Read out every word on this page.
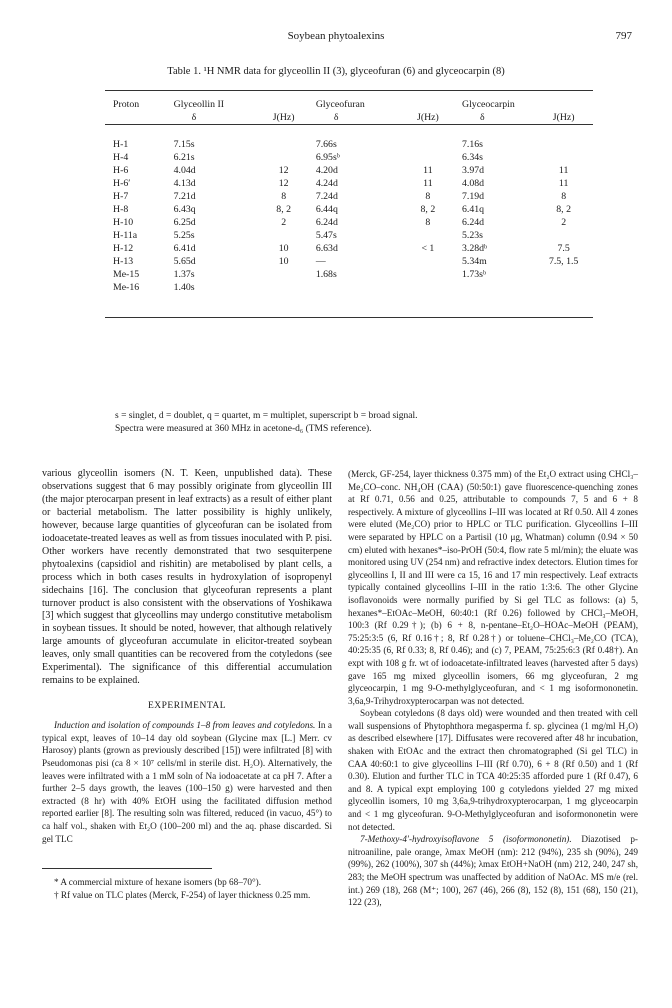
Soybean phytoalexins	797
Table 1. ¹H NMR data for glyceollin II (3), glyceofuran (6) and glyceocarpin (8)
Proton	Glyceollin II		Glyceofuran		Glyceocarpin	
	δ	J(Hz)	δ	J(Hz)	δ	J(Hz)

H-1	7.15s		7.66s		7.16s	
H-4	6.21s		6.95sᵇ		6.34s	
H-6	4.04d	12	4.20d	11	3.97d	11
H-6′	4.13d	12	4.24d	11	4.08d	11
H-7	7.21d	8	7.24d	8	7.19d	8
H-8	6.43q	8, 2	6.44q	8, 2	6.41q	8, 2
H-10	6.25d	2	6.24d	8	6.24d	2
H-11a	5.25s		5.47s		5.23s	
H-12	6.41d	10	6.63d	< 1	3.28dᵇ	7.5
H-13	5.65d	10	—		5.34m	7.5, 1.5
Me-15	1.37s		1.68s		1.73sᵇ	
Me-16	1.40s					
s = singlet, d = doublet, q = quartet, m = multiplet, superscript b = broad signal.
Spectra were measured at 360 MHz in acetone-d₆ (TMS reference).

various glyceollin isomers (N. T. Keen, unpublished data). These observations suggest that 6 may possibly originate from glyceollin III (the major pterocarpan present in leaf extracts) as a result of either plant or bacterial metabolism. The latter possibility is highly unlikely, however, because large quantities of glyceofuran can be isolated from iodoacetate-treated leaves as well as from tissues inoculated with P. pisi. Other workers have recently demonstrated that two sesquiterpene phytoalexins (capsidiol and rishitin) are metabolised by plant cells, a process which in both cases results in hydroxylation of isopropenyl sidechains [16]. The conclusion that glyceofuran represents a plant turnover product is also consistent with the observations of Yoshikawa [3] which suggest that glyceollins may undergo constitutive metabolism in soybean tissues. It should be noted, however, that although relatively large amounts of glyceofuran accumulate in elicitor-treated soybean leaves, only small quantities can be recovered from the cotyledons (see Experimental). The significance of this differential accumulation remains to be explained.

EXPERIMENTAL

Induction and isolation of compounds 1–8 from leaves and cotyledons. In a typical expt, leaves of 10–14 day old soybean (Glycine max [L.] Merr. cv Harosoy) plants (grown as previously described [15]) were infiltrated [8] with Pseudomonas pisi (ca 8 × 10⁷ cells/ml in sterile dist. H₂O). Alternatively, the leaves were infiltrated with a 1 mM soln of Na iodoacetate at ca pH 7. After a further 2–5 days growth, the leaves (100–150 g) were harvested and then extracted (8 hr) with 40% EtOH using the facilitated diffusion method reported earlier [8]. The resulting soln was filtered, reduced (in vacuo, 45°) to ca half vol., shaken with Et₂O (100–200 ml) and the aq. phase discarded. Si gel TLC

* A commercial mixture of hexane isomers (bp 68–70°).
† Rf value on TLC plates (Merck, F-254) of layer thickness 0.25 mm.

(Merck, GF-254, layer thickness 0.375 mm) of the Et₂O extract using CHCl₃–Me₂CO–conc. NH₄OH (CAA) (50:50:1) gave fluorescence-quenching zones at Rf 0.71, 0.56 and 0.25, attributable to compounds 7, 5 and 6 + 8 respectively. A mixture of glyceollins I–III was located at Rf 0.50. All 4 zones were eluted (Me₂CO) prior to HPLC or TLC purification. Glyceollins I–III were separated by HPLC on a Partisil (10 μg, Whatman) column (0.94 × 50 cm) eluted with hexanes*–iso-PrOH (50:4, flow rate 5 ml/min); the eluate was monitored using UV (254 nm) and refractive index detectors. Elution times for glyceollins I, II and III were ca 15, 16 and 17 min respectively. Leaf extracts typically contained glyceollins I–III in the ratio 1:3:6. The other Glycine isoflavonoids were normally purified by Si gel TLC as follows: (a) 5, hexanes*–EtOAc–MeOH, 60:40:1 (Rf 0.26) followed by CHCl₃–MeOH, 100:3 (Rf 0.29†); (b) 6 + 8, n-pentane–Et₂O–HOAc–MeOH (PEAM), 75:25:3:5 (6, Rf 0.16†; 8, Rf 0.28†) or toluene–CHCl₃–Me₂CO (TCA), 40:25:35 (6, Rf 0.33; 8, Rf 0.46); and (c) 7, PEAM, 75:25:6:3 (Rf 0.48†). An expt with 108 g fr. wt of iodoacetate-infiltrated leaves (harvested after 5 days) gave 165 mg mixed glyceollin isomers, 66 mg glyceofuran, 2 mg glyceocarpin, 1 mg 9-O-methylglyceofuran, and < 1 mg isoformononetin. 3,6a,9-Trihydroxypterocarpan was not detected.

Soybean cotyledons (8 days old) were wounded and then treated with cell wall suspensions of Phytophthora megasperma f. sp. glycinea (1 mg/ml H₂O) as described elsewhere [17]. Diffusates were recovered after 48 hr incubation, shaken with EtOAc and the extract then chromatographed (Si gel TLC) in CAA 40:60:1 to give glyceollins I–III (Rf 0.70), 6 + 8 (Rf 0.50) and 1 (Rf 0.30). Elution and further TLC in TCA 40:25:35 afforded pure 1 (Rf 0.47), 6 and 8. A typical expt employing 100 g cotyledons yielded 27 mg mixed glyceollin isomers, 10 mg 3,6a,9-trihydroxypterocarpan, 1 mg glyceocarpin and < 1 mg glyceofuran. 9-O-Methylglyceofuran and isoformononetin were not detected.

7-Methoxy-4′-hydroxyisoflavone 5 (isoformononetin). Diazotised p-nitroaniline, pale orange, λmax MeOH (nm): 212 (94%), 235 sh (90%), 249 (99%), 262 (100%), 307 sh (44%); λmax EtOH+NaOH (nm) 212, 240, 247 sh, 283; the MeOH spectrum was unaffected by addition of NaOAc. MS m/e (rel. int.) 269 (18), 268 (M⁺; 100), 267 (46), 266 (8), 152 (8), 151 (68), 150 (21), 122 (23),
